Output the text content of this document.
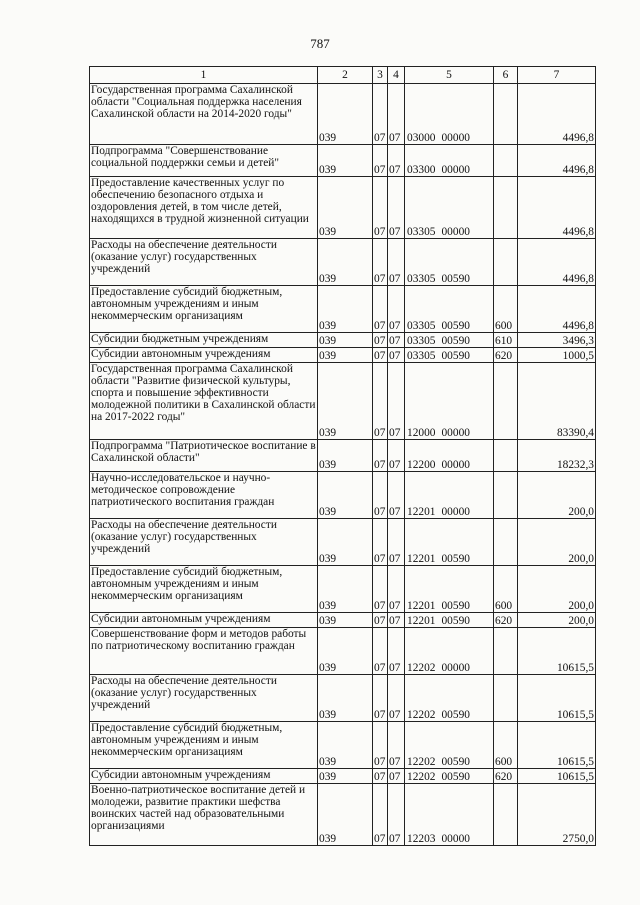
787
1	2	3	4	5	6	7
Государственная программа Сахалинской области "Социальная поддержка населения Сахалинской области на 2014-2020 годы"	039	07	07	03000 00000		4496,8
Подпрограмма "Совершенствование социальной поддержки семьи и детей"	039	07	07	03300 00000		4496,8
Предоставление качественных услуг по обеспечению безопасного отдыха и оздоровления детей, в том числе детей, находящихся в трудной жизненной ситуации	039	07	07	03305 00000		4496,8
Расходы на обеспечение деятельности (оказание услуг) государственных учреждений	039	07	07	03305 00590		4496,8
Предоставление субсидий бюджетным, автономным учреждениям и иным некоммерческим организациям	039	07	07	03305 00590	600	4496,8
Субсидии бюджетным учреждениям	039	07	07	03305 00590	610	3496,3
Субсидии автономным учреждениям	039	07	07	03305 00590	620	1000,5
Государственная программа Сахалинской области "Развитие физической культуры, спорта и повышение эффективности молодежной политики в Сахалинской области на 2017-2022 годы"	039	07	07	12000 00000		83390,4
Подпрограмма "Патриотическое воспитание в Сахалинской области"	039	07	07	12200 00000		18232,3
Научно-исследовательское и научно-методическое сопровождение патриотического воспитания граждан	039	07	07	12201 00000		200,0
Расходы на обеспечение деятельности (оказание услуг) государственных учреждений	039	07	07	12201 00590		200,0
Предоставление субсидий бюджетным, автономным учреждениям и иным некоммерческим организациям	039	07	07	12201 00590	600	200,0
Субсидии автономным учреждениям	039	07	07	12201 00590	620	200,0
Совершенствование форм и методов работы по патриотическому воспитанию граждан	039	07	07	12202 00000		10615,5
Расходы на обеспечение деятельности (оказание услуг) государственных учреждений	039	07	07	12202 00590		10615,5
Предоставление субсидий бюджетным, автономным учреждениям и иным некоммерческим организациям	039	07	07	12202 00590	600	10615,5
Субсидии автономным учреждениям	039	07	07	12202 00590	620	10615,5
Военно-патриотическое воспитание детей и молодежи, развитие практики шефства воинских частей над образовательными организациями	039	07	07	12203 00000		2750,0
